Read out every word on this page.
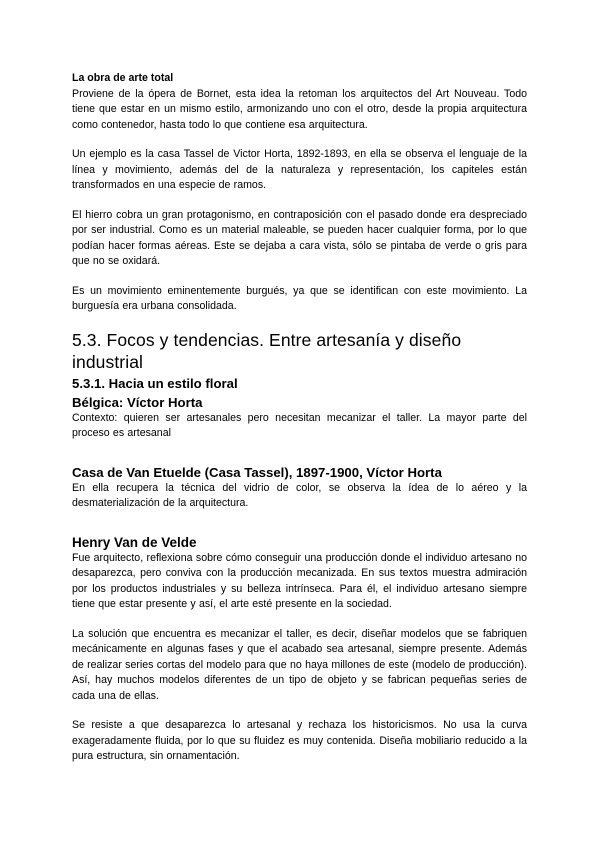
La obra de arte total

Proviene de la ópera de Bornet, esta idea la retoman los arquitectos del Art Nouveau. Todo tiene que estar en un mismo estilo, armonizando uno con el otro, desde la propia arquitectura como contenedor, hasta todo lo que contiene esa arquitectura.

Un ejemplo es la casa Tassel de Victor Horta, 1892-1893, en ella se observa el lenguaje de la línea y movimiento, además del de la naturaleza y representación, los capiteles están transformados en una especie de ramos.

El hierro cobra un gran protagonismo, en contraposición con el pasado donde era despreciado por ser industrial. Como es un material maleable, se pueden hacer cualquier forma, por lo que podían hacer formas aéreas. Este se dejaba a cara vista, sólo se pintaba de verde o gris para que no se oxidará.

Es un movimiento eminentemente burgués, ya que se identifican con este movimiento. La burguesía era urbana consolidada.

5.3. Focos y tendencias. Entre artesanía y diseño industrial
5.3.1. Hacia un estilo floral
Bélgica: Víctor Horta

Contexto: quieren ser artesanales pero necesitan mecanizar el taller. La mayor parte del proceso es artesanal

Casa de Van Etuelde (Casa Tassel), 1897-1900, Víctor Horta

En ella recupera la técnica del vidrio de color, se observa la ídea de lo aéreo y la desmaterialización de la arquitectura.

Henry Van de Velde

Fue arquitecto, reflexiona sobre cómo conseguir una producción donde el individuo artesano no desaparezca, pero conviva con la producción mecanizada. En sus textos muestra admiración por los productos industriales y su belleza intrínseca. Para él, el individuo artesano siempre tiene que estar presente y así, el arte esté presente en la sociedad.

La solución que encuentra es mecanizar el taller, es decir, diseñar modelos que se fabriquen mecánicamente en algunas fases y que el acabado sea artesanal, siempre presente. Además de realizar series cortas del modelo para que no haya millones de este (modelo de producción). Así, hay muchos modelos diferentes de un tipo de objeto y se fabrican pequeñas series de cada una de ellas.

Se resiste a que desaparezca lo artesanal y rechaza los historicismos. No usa la curva exageradamente fluida, por lo que su fluidez es muy contenida. Diseña mobiliario reducido a la pura estructura, sin ornamentación.
